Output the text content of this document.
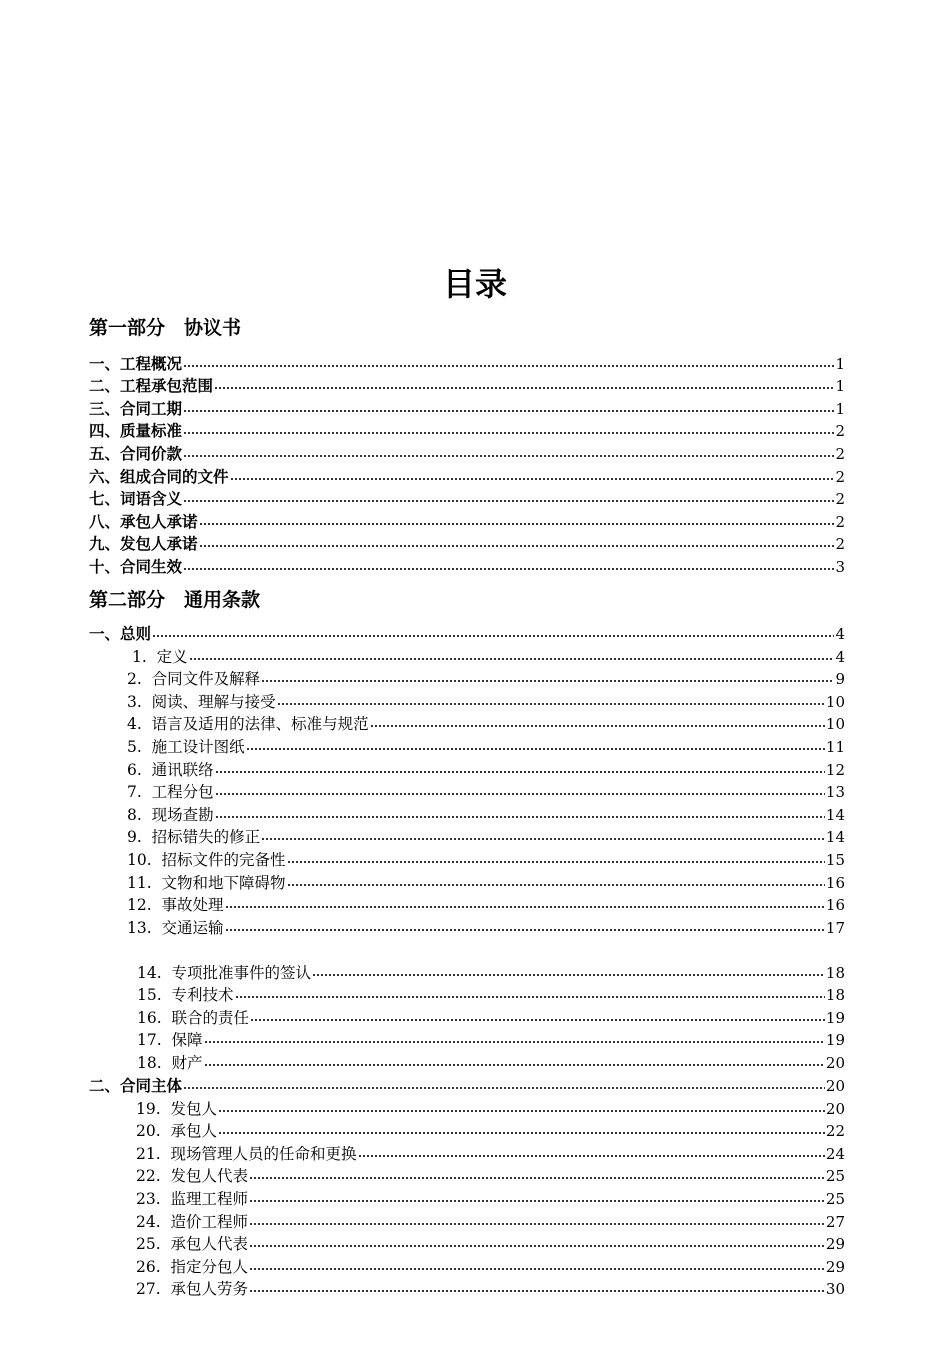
目录
第一部分　协议书
一、工程概况	1
二、工程承包范围	1
三、合同工期	1
四、质量标准	2
五、合同价款	2
六、组成合同的文件	2
七、词语含义	2
八、承包人承诺	2
九、发包人承诺	2
十、合同生效	3
第二部分　通用条款
一、总则	4
1.  定义	4
2.  合同文件及解释	9
3.  阅读、理解与接受	10
4.  语言及适用的法律、标准与规范	10
5.  施工设计图纸	11
6.  通讯联络	12
7.  工程分包	13
8.  现场查勘	14
9.  招标错失的修正	14
10.  招标文件的完备性	15
11.  文物和地下障碍物	16
12.  事故处理	16
13.  交通运输	17
14.  专项批准事件的签认	18
15.  专利技术	18
16.  联合的责任	19
17.  保障	19
18.  财产	20
二、合同主体	20
19.  发包人	20
20.  承包人	22
21.  现场管理人员的任命和更换	24
22.  发包人代表	25
23.  监理工程师	25
24.  造价工程师	27
25.  承包人代表	29
26.  指定分包人	29
27.  承包人劳务	30
